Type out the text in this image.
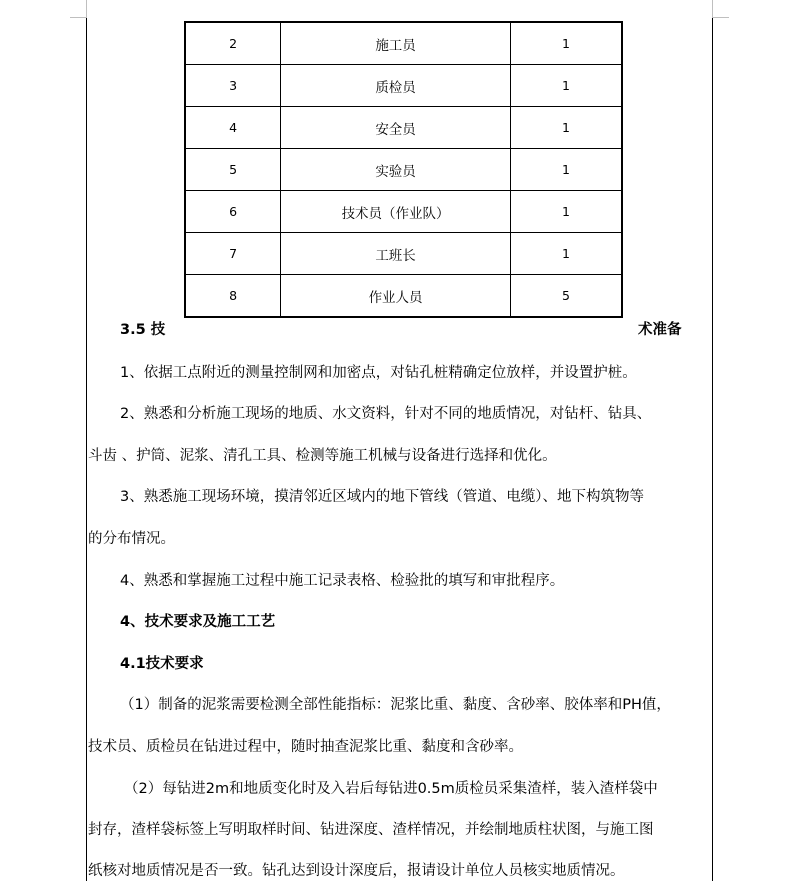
2	施工员	1
3	质检员	1
4	安全员	1
5	实验员	1
6	技术员（作业队）	1
7	工班长	1
8	作业人员	5
3.5 技	术准备
1、依据工点附近的测量控制网和加密点，对钻孔桩精确定位放样，并设置护桩。
2、熟悉和分析施工现场的地质、水文资料，针对不同的地质情况，对钻杆、钻具、
斗齿 、护筒、泥浆、清孔工具、检测等施工机械与设备进行选择和优化。
3、熟悉施工现场环境，摸清邻近区域内的地下管线（管道、电缆）、地下构筑物等
的分布情况。
4、熟悉和掌握施工过程中施工记录表格、检验批的填写和审批程序。
4、技术要求及施工工艺
4.1技术要求
（1）制备的泥浆需要检测全部性能指标：泥浆比重、黏度、含砂率、胶体率和PH值，
技术员、质检员在钻进过程中，随时抽查泥浆比重、黏度和含砂率。
（2）每钻进2m和地质变化时及入岩后每钻进0.5m质检员采集渣样，装入渣样袋中
封存，渣样袋标签上写明取样时间、钻进深度、渣样情况，并绘制地质柱状图，与施工图
纸核对地质情况是否一致。钻孔达到设计深度后，报请设计单位人员核实地质情况。
